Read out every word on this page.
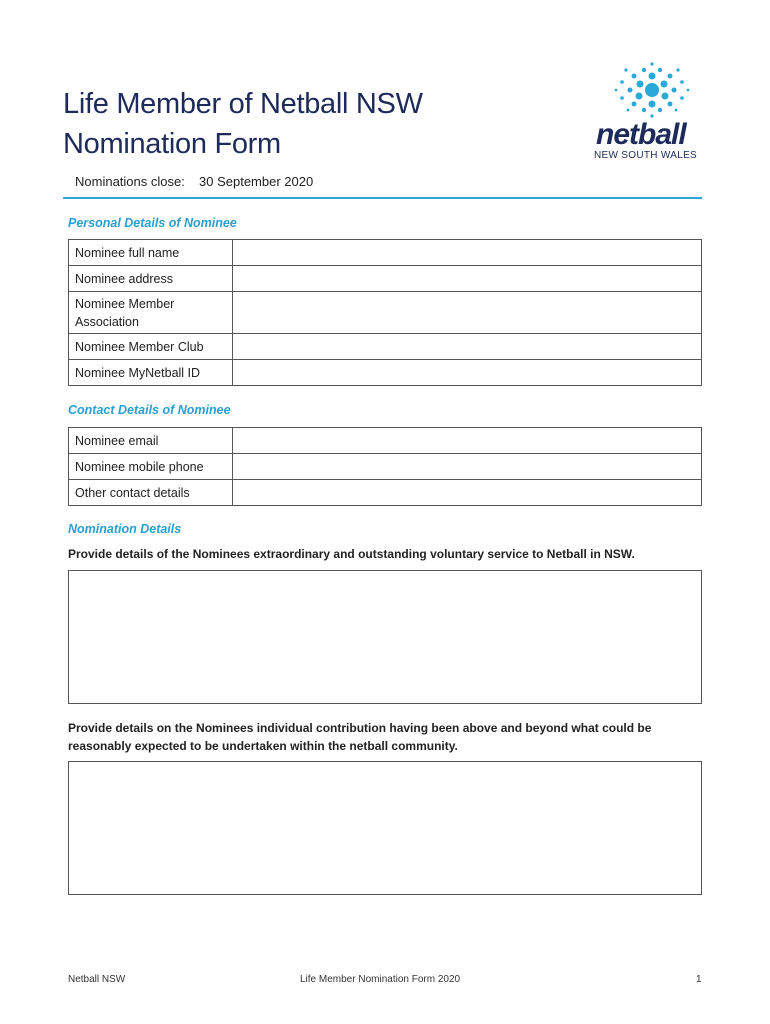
Life Member of Netball NSW
Nomination Form	netball

NEW SOUTH WALES

Nominations close: 30 September 2020
Personal Details of Nominee
Nominee full name	
Nominee address	
Nominee Member Association	
Nominee Member Club	
Nominee MyNetball ID	
Contact Details of Nominee
Nominee email	
Nominee mobile phone	
Other contact details	
Nomination Details

Provide details of the Nominees extraordinary and outstanding voluntary service to Netball in NSW.

Provide details on the Nominees individual contribution having been above and beyond what could be reasonably expected to be undertaken within the netball community.

Netball NSW	Life Member Nomination Form 2020	1
